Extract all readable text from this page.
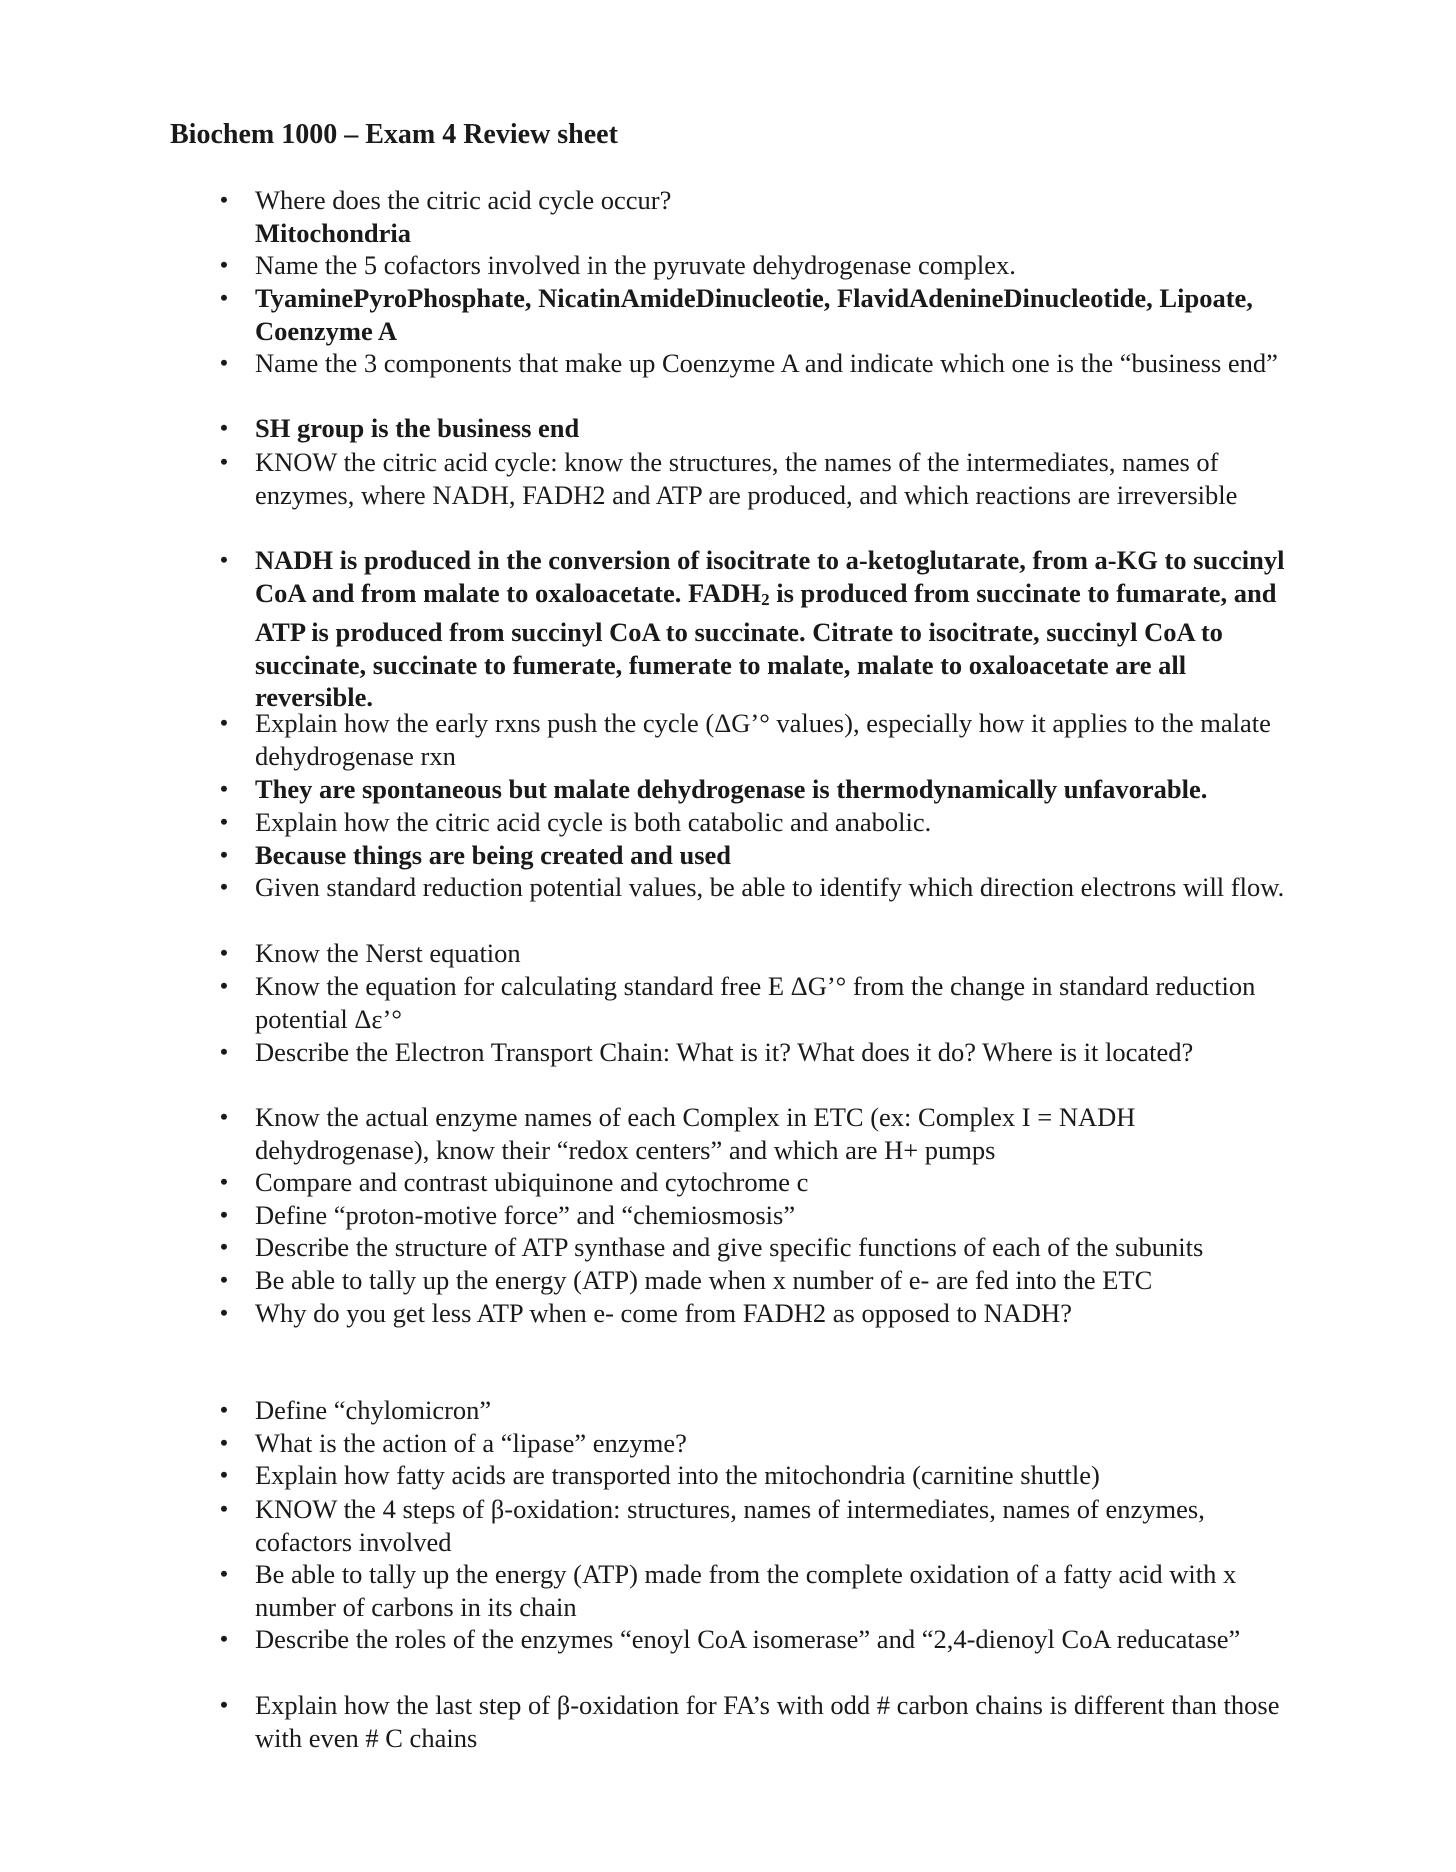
Biochem 1000 – Exam 4 Review sheet
• Where does the citric acid cycle occur?
Mitochondria
• Name the 5 cofactors involved in the pyruvate dehydrogenase complex.
• TyaminePyroPhosphate, NicatinAmideDinucleotie, FlavidAdenineDinucleotide, Lipoate, Coenzyme A
• Name the 3 components that make up Coenzyme A and indicate which one is the “business end”
• SH group is the business end
• KNOW the citric acid cycle: know the structures, the names of the intermediates, names of enzymes, where NADH, FADH2 and ATP are produced, and which reactions are irreversible
• NADH is produced in the conversion of isocitrate to a-ketoglutarate, from a-KG to succinyl CoA and from malate to oxaloacetate. FADH2 is produced from succinate to fumarate, and ATP is produced from succinyl CoA to succinate. Citrate to isocitrate, succinyl CoA to succinate, succinate to fumerate, fumerate to malate, malate to oxaloacetate are all reversible.
• Explain how the early rxns push the cycle (ΔG’° values), especially how it applies to the malate dehydrogenase rxn
• They are spontaneous but malate dehydrogenase is thermodynamically unfavorable.
• Explain how the citric acid cycle is both catabolic and anabolic.
• Because things are being created and used
• Given standard reduction potential values, be able to identify which direction electrons will flow.
• Know the Nerst equation
• Know the equation for calculating standard free E ΔG’° from the change in standard reduction potential Δε’°
• Describe the Electron Transport Chain: What is it? What does it do? Where is it located?
• Know the actual enzyme names of each Complex in ETC (ex: Complex I = NADH dehydrogenase), know their “redox centers” and which are H+ pumps
• Compare and contrast ubiquinone and cytochrome c
• Define “proton-motive force” and “chemiosmosis”
• Describe the structure of ATP synthase and give specific functions of each of the subunits
• Be able to tally up the energy (ATP) made when x number of e- are fed into the ETC
• Why do you get less ATP when e- come from FADH2 as opposed to NADH?
• Define “chylomicron”
• What is the action of a “lipase” enzyme?
• Explain how fatty acids are transported into the mitochondria (carnitine shuttle)
• KNOW the 4 steps of β-oxidation: structures, names of intermediates, names of enzymes, cofactors involved
• Be able to tally up the energy (ATP) made from the complete oxidation of a fatty acid with x number of carbons in its chain
• Describe the roles of the enzymes “enoyl CoA isomerase” and “2,4-dienoyl CoA reducatase”
• Explain how the last step of β-oxidation for FA’s with odd # carbon chains is different than those with even # C chains
